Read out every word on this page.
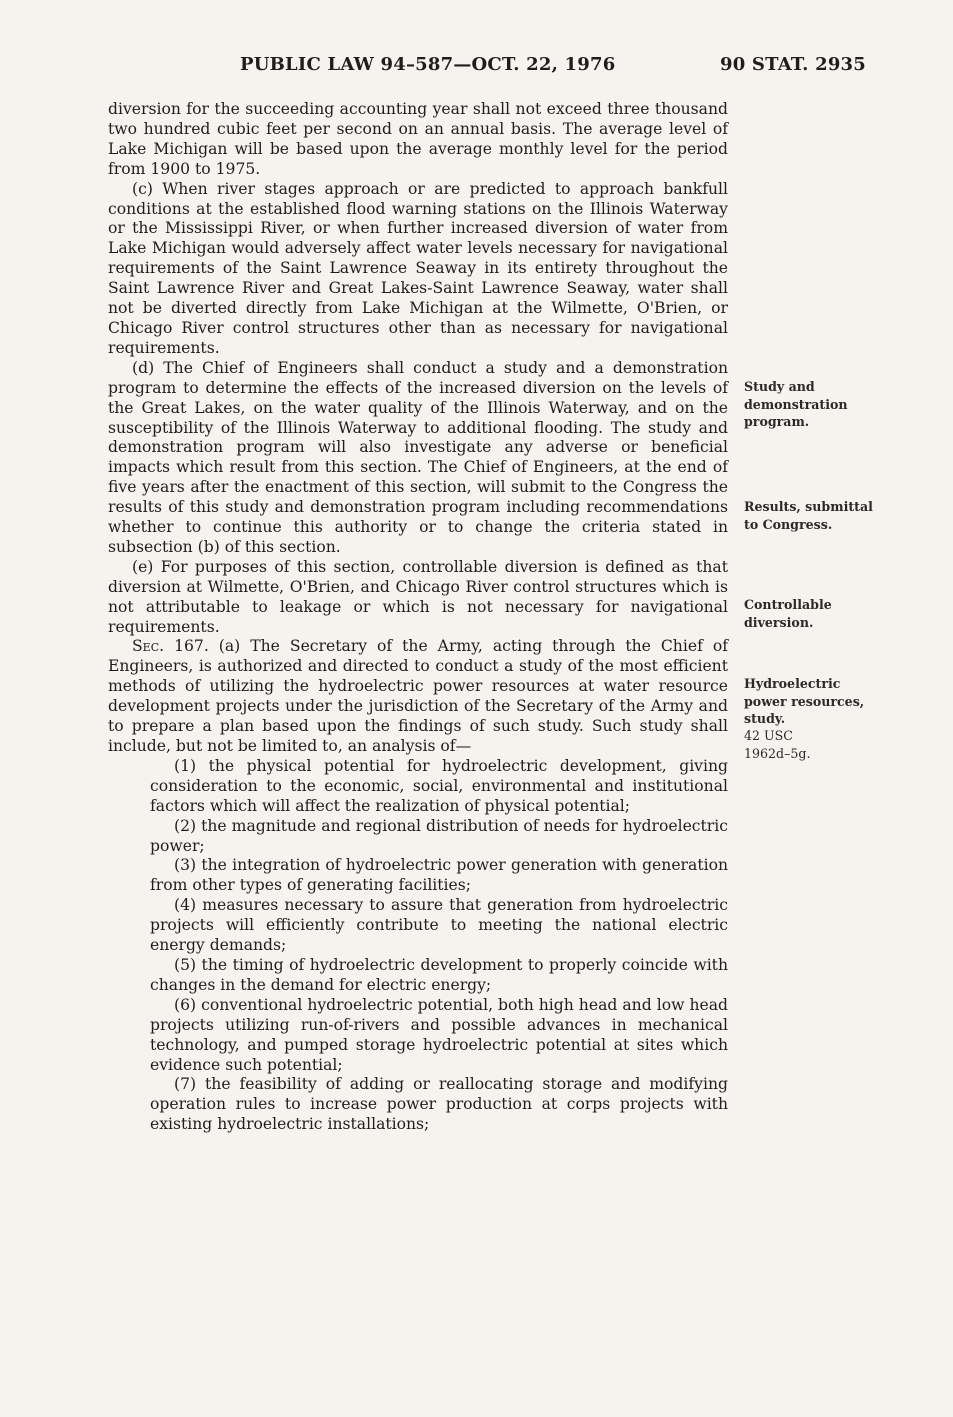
PUBLIC LAW 94–587—OCT. 22, 1976	90 STAT. 2935

diversion for the succeeding accounting year shall not exceed three thousand two hundred cubic feet per second on an annual basis. The average level of Lake Michigan will be based upon the average monthly level for the period from 1900 to 1975.

(c) When river stages approach or are predicted to approach bankfull conditions at the established flood warning stations on the Illinois Waterway or the Mississippi River, or when further increased diversion of water from Lake Michigan would adversely affect water levels necessary for navigational requirements of the Saint Lawrence Seaway in its entirety throughout the Saint Lawrence River and Great Lakes-Saint Lawrence Seaway, water shall not be diverted directly from Lake Michigan at the Wilmette, O'Brien, or Chicago River control structures other than as necessary for navigational requirements.

(d) The Chief of Engineers shall conduct a study and a demonstration program to determine the effects of the increased diversion on the levels of the Great Lakes, on the water quality of the Illinois Waterway, and on the susceptibility of the Illinois Waterway to additional flooding. The study and demonstration program will also investigate any adverse or beneficial impacts which result from this section. The Chief of Engineers, at the end of five years after the enactment of this section, will submit to the Congress the results of this study and demonstration program including recommendations whether to continue this authority or to change the criteria stated in subsection (b) of this section.

(e) For purposes of this section, controllable diversion is defined as that diversion at Wilmette, O'Brien, and Chicago River control structures which is not attributable to leakage or which is not necessary for navigational requirements.

Sec. 167. (a) The Secretary of the Army, acting through the Chief of Engineers, is authorized and directed to conduct a study of the most efficient methods of utilizing the hydroelectric power resources at water resource development projects under the jurisdiction of the Secretary of the Army and to prepare a plan based upon the findings of such study. Such study shall include, but not be limited to, an analysis of—

(1) the physical potential for hydroelectric development, giving consideration to the economic, social, environmental and institutional factors which will affect the realization of physical potential;

(2) the magnitude and regional distribution of needs for hydroelectric power;

(3) the integration of hydroelectric power generation with generation from other types of generating facilities;

(4) measures necessary to assure that generation from hydroelectric projects will efficiently contribute to meeting the national electric energy demands;

(5) the timing of hydroelectric development to properly coincide with changes in the demand for electric energy;

(6) conventional hydroelectric potential, both high head and low head projects utilizing run-of-rivers and possible advances in mechanical technology, and pumped storage hydroelectric potential at sites which evidence such potential;

(7) the feasibility of adding or reallocating storage and modifying operation rules to increase power production at corps projects with existing hydroelectric installations;

Study and demonstration program.
Results, submittal to Congress.
Controllable diversion.
Hydroelectric power resources, study.
42 USC 1962d–5g.
